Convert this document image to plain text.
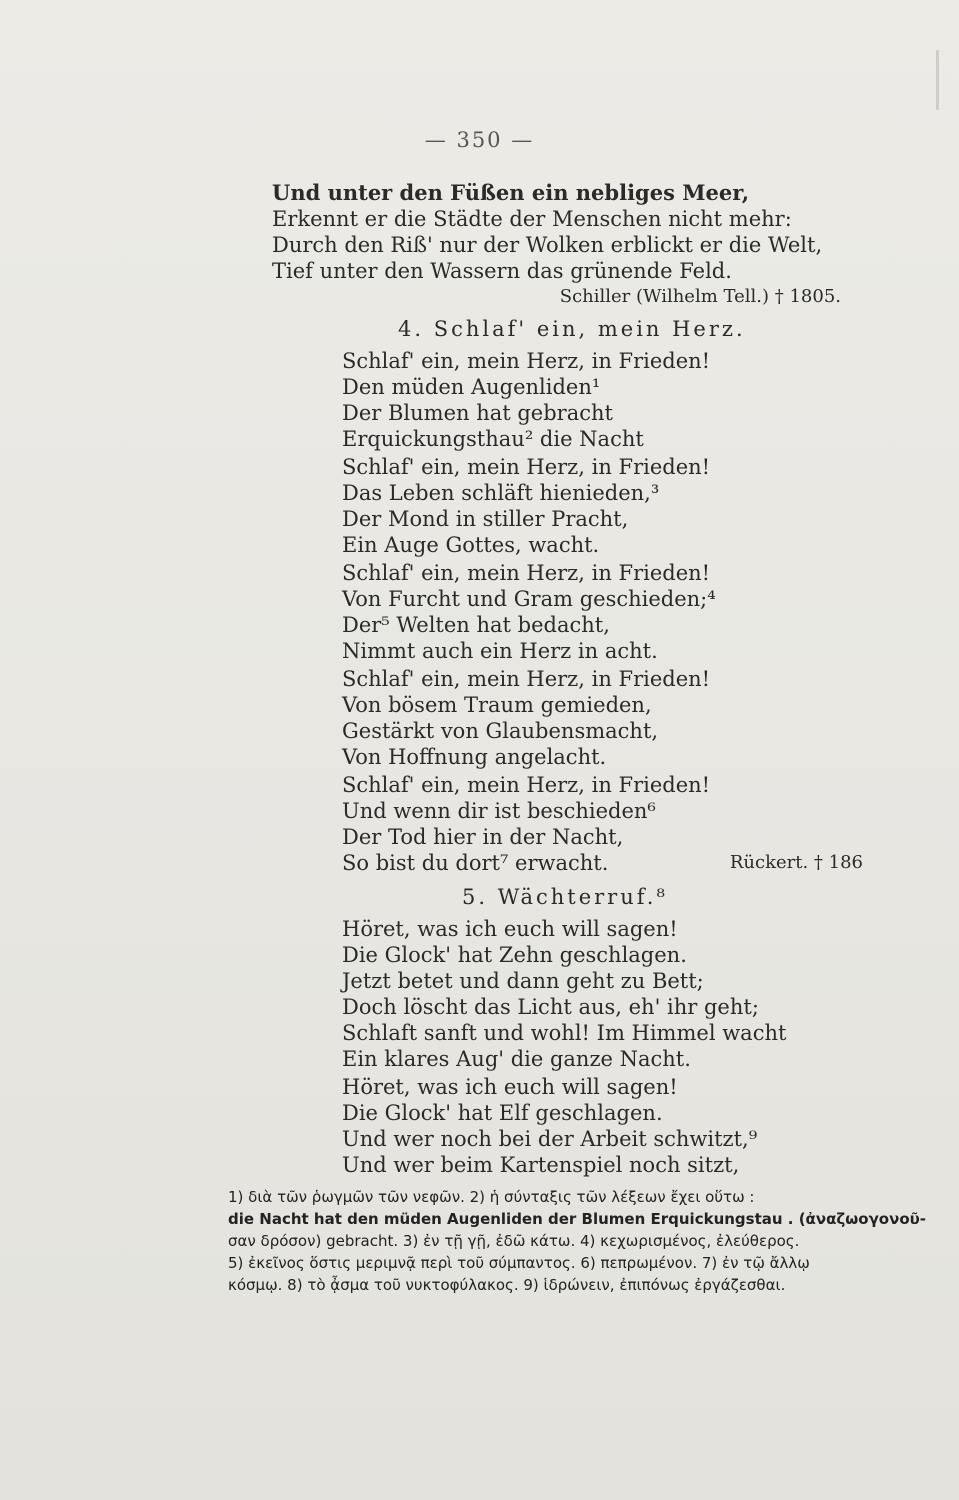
— 350 —
Und unter den Füßen ein nebliges Meer,
Erkennt er die Städte der Menschen nicht mehr:
Durch den Riß' nur der Wolken erblickt er die Welt,
Tief unter den Wassern das grünende Feld.
Schiller (Wilhelm Tell.) † 1805.
4. Schlaf' ein, mein Herz.
Schlaf' ein, mein Herz, in Frieden!
Den müden Augenliden¹
Der Blumen hat gebracht
Erquickungsthau² die Nacht
Schlaf' ein, mein Herz, in Frieden!
Das Leben schläft hienieden,³
Der Mond in stiller Pracht,
Ein Auge Gottes, wacht.
Schlaf' ein, mein Herz, in Frieden!
Von Furcht und Gram geschieden;⁴
Der⁵ Welten hat bedacht,
Nimmt auch ein Herz in acht.
Schlaf' ein, mein Herz, in Frieden!
Von bösem Traum gemieden,
Gestärkt von Glaubensmacht,
Von Hoffnung angelacht.
Schlaf' ein, mein Herz, in Frieden!
Und wenn dir ist beschieden⁶
Der Tod hier in der Nacht,
So bist du dort⁷ erwacht.	Rückert. † 186
5. Wächterruf.⁸
Höret, was ich euch will sagen!
Die Glock' hat Zehn geschlagen.
Jetzt betet und dann geht zu Bett;
Doch löscht das Licht aus, eh' ihr geht;
Schlaft sanft und wohl! Im Himmel wacht
Ein klares Aug' die ganze Nacht.
Höret, was ich euch will sagen!
Die Glock' hat Elf geschlagen.
Und wer noch bei der Arbeit schwitzt,⁹
Und wer beim Kartenspiel noch sitzt,
1) διὰ τῶν ῥωγμῶν τῶν νεφῶν. 2) ἡ σύνταξις τῶν λέξεων ἔχει οὕτω :
die Nacht hat den müden Augenliden der Blumen Erquickungstau . (ἀναζωογονοῦ-
σαν δρόσον) gebracht. 3) ἐν τῇ γῇ, ἐδῶ κάτω. 4) κεχωρισμένος, ἐλεύθερος.
5) ἐκεῖνος ὅστις μεριμνᾷ περὶ τοῦ σύμπαντος. 6) πεπρωμένον. 7) ἐν τῷ ἄλλῳ
κόσμῳ. 8) τὸ ᾆσμα τοῦ νυκτοφύλακος. 9) ἱδρώνειν, ἐπιπόνως ἐργάζεσθαι.
